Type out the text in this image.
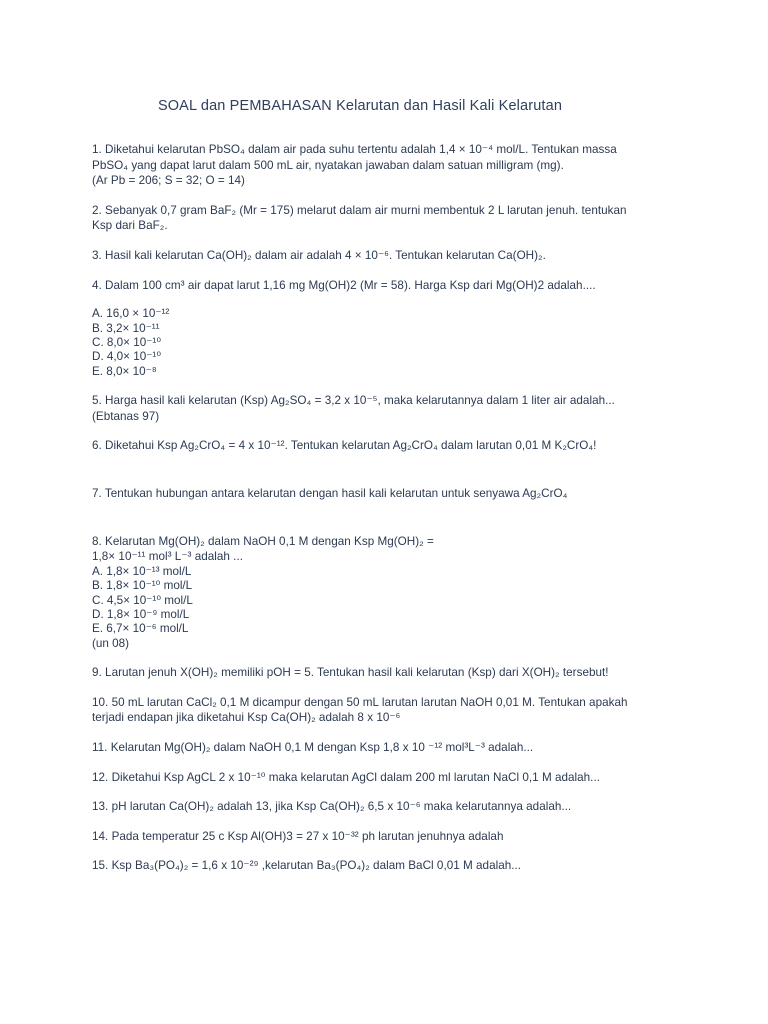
SOAL dan PEMBAHASAN Kelarutan dan Hasil Kali Kelarutan

1. Diketahui kelarutan PbSO₄ dalam air pada suhu tertentu adalah 1,4 × 10⁻⁴ mol/L. Tentukan massa PbSO₄ yang dapat larut dalam 500 mL air, nyatakan jawaban dalam satuan milligram (mg).
(Ar Pb = 206; S = 32; O = 14)

2. Sebanyak 0,7 gram BaF₂ (Mr = 175) melarut dalam air murni membentuk 2 L larutan jenuh. tentukan Ksp dari BaF₂.

3. Hasil kali kelarutan Ca(OH)₂ dalam air adalah 4 × 10⁻⁶. Tentukan kelarutan Ca(OH)₂.

4. Dalam 100 cm³ air dapat larut 1,16 mg Mg(OH)2 (Mr = 58). Harga Ksp dari Mg(OH)2 adalah....

A. 16,0 × 10⁻¹²
B. 3,2× 10⁻¹¹
C. 8,0× 10⁻¹⁰
D. 4,0× 10⁻¹⁰
E. 8,0× 10⁻⁸

5. Harga hasil kali kelarutan (Ksp) Ag₂SO₄ = 3,2 x 10⁻⁵, maka kelarutannya dalam 1 liter air adalah...
(Ebtanas 97)

6. Diketahui Ksp Ag₂CrO₄ = 4 x 10⁻¹². Tentukan kelarutan Ag₂CrO₄ dalam larutan 0,01 M K₂CrO₄!

7. Tentukan hubungan antara kelarutan dengan hasil kali kelarutan untuk senyawa Ag₂CrO₄

8. Kelarutan Mg(OH)₂ dalam NaOH 0,1 M dengan Ksp Mg(OH)₂ =
1,8× 10⁻¹¹ mol³ L⁻³ adalah ...

A. 1,8× 10⁻¹³ mol/L
B. 1,8× 10⁻¹⁰ mol/L
C. 4,5× 10⁻¹⁰ mol/L
D. 1,8× 10⁻⁹ mol/L
E. 6,7× 10⁻⁶ mol/L
(un 08)

9. Larutan jenuh X(OH)₂ memiliki pOH = 5. Tentukan hasil kali kelarutan (Ksp) dari X(OH)₂ tersebut!

10. 50 mL larutan CaCl₂ 0,1 M dicampur dengan 50 mL larutan larutan NaOH 0,01 M. Tentukan apakah terjadi endapan jika diketahui Ksp Ca(OH)₂ adalah 8 x 10⁻⁶

11. Kelarutan Mg(OH)₂ dalam NaOH 0,1 M dengan Ksp 1,8 x 10 ⁻¹² mol³L⁻³ adalah...

12. Diketahui Ksp AgCL 2 x 10⁻¹⁰ maka kelarutan AgCl dalam 200 ml larutan NaCl 0,1 M adalah...

13. pH larutan Ca(OH)₂ adalah 13, jika Ksp Ca(OH)₂ 6,5 x 10⁻⁶ maka kelarutannya adalah...

14. Pada temperatur 25 c Ksp Al(OH)3 = 27 x 10⁻³² ph larutan jenuhnya adalah

15. Ksp Ba₃(PO₄)₂ = 1,6 x 10⁻²⁹ ,kelarutan Ba₃(PO₄)₂ dalam BaCl 0,01 M adalah...
